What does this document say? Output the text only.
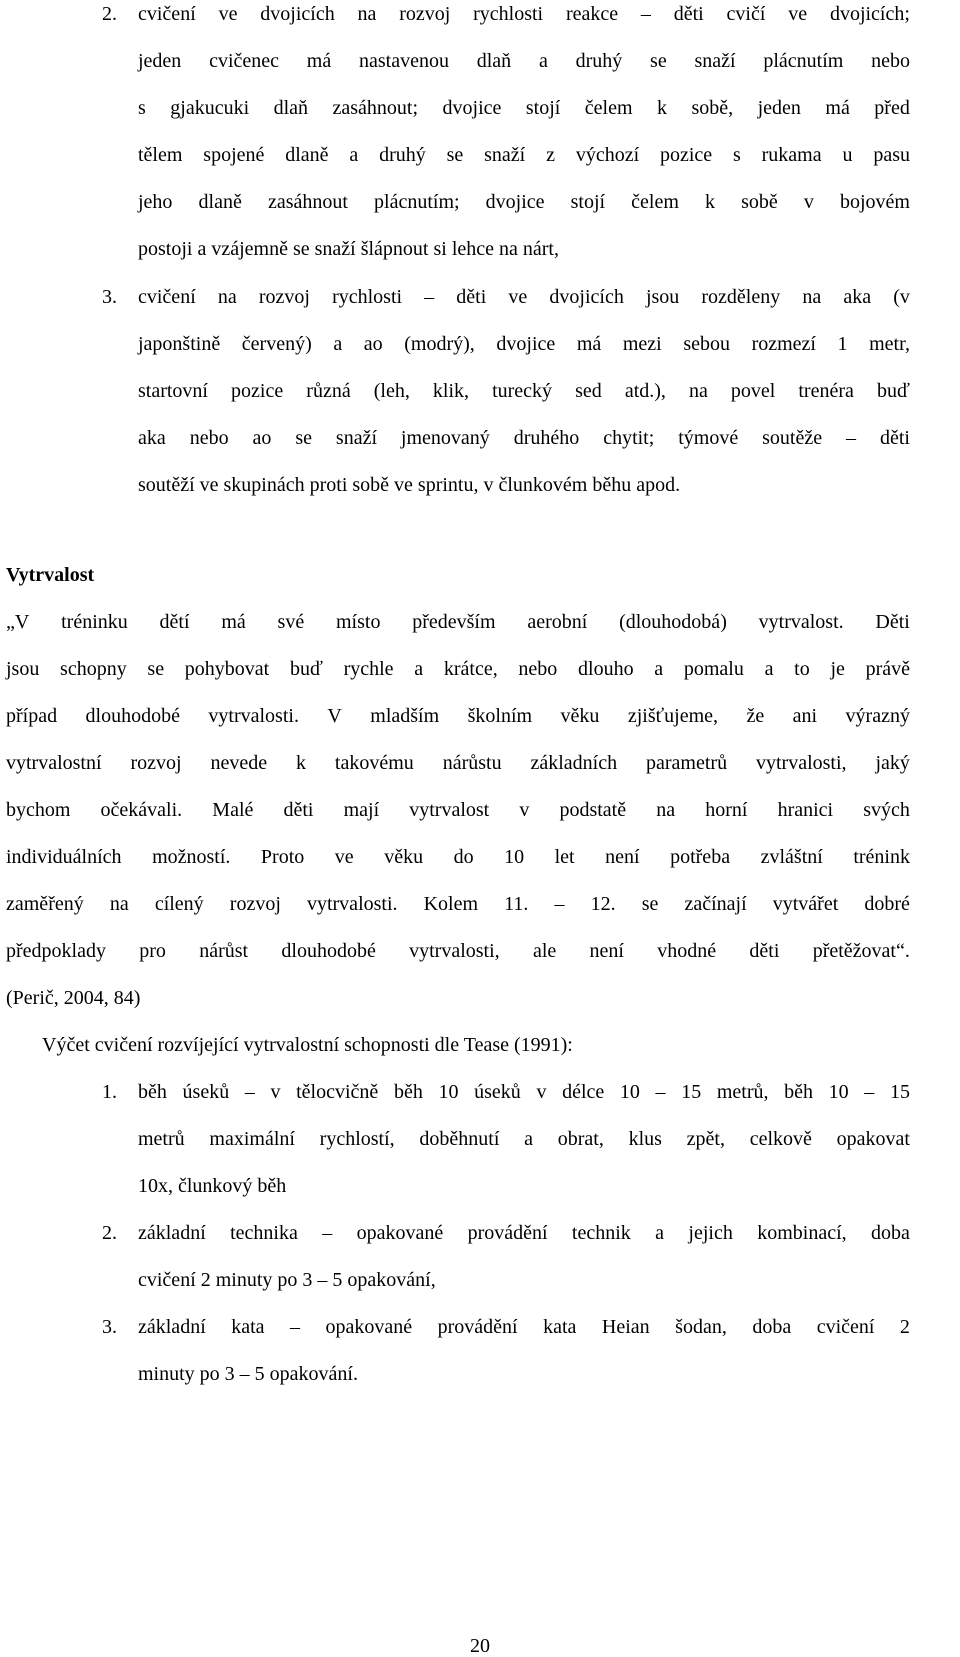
2. cvičení ve dvojicích na rozvoj rychlosti reakce – děti cvičí ve dvojicích;
jeden cvičenec má nastavenou dlaň a druhý se snaží plácnutím nebo
s gjakucuki dlaň zasáhnout; dvojice stojí čelem k sobě, jeden má před
tělem spojené dlaně a druhý se snaží z výchozí pozice s rukama u pasu
jeho dlaně zasáhnout plácnutím; dvojice stojí čelem k sobě v bojovém
postoji a vzájemně se snaží šlápnout si lehce na nárt,
3. cvičení na rozvoj rychlosti – děti ve dvojicích jsou rozděleny na aka (v
japonštině červený) a ao (modrý), dvojice má mezi sebou rozmezí 1 metr,
startovní pozice různá (leh, klik, turecký sed atd.), na povel trenéra buď
aka nebo ao se snaží jmenovaný druhého chytit; týmové soutěže – děti
soutěží ve skupinách proti sobě ve sprintu, v člunkovém běhu apod.
Vytrvalost
„V tréninku dětí má své místo především aerobní (dlouhodobá) vytrvalost. Děti
jsou schopny se pohybovat buď rychle a krátce, nebo dlouho a pomalu a to je právě
případ dlouhodobé vytrvalosti. V mladším školním věku zjišťujeme, že ani výrazný
vytrvalostní rozvoj nevede k takovému nárůstu základních parametrů vytrvalosti, jaký
bychom očekávali. Malé děti mají vytrvalost v podstatě na horní hranici svých
individuálních možností. Proto ve věku do 10 let není potřeba zvláštní trénink
zaměřený na cílený rozvoj vytrvalosti. Kolem 11. – 12. se začínají vytvářet dobré
předpoklady pro nárůst dlouhodobé vytrvalosti, ale není vhodné děti přetěžovat“.
(Perič, 2004, 84)
Výčet cvičení rozvíjející vytrvalostní schopnosti dle Tease (1991):
1. běh úseků – v tělocvičně běh 10 úseků v délce 10 – 15 metrů, běh 10 – 15
metrů maximální rychlostí, doběhnutí a obrat, klus zpět, celkově opakovat
10x, člunkový běh
2. základní technika – opakované provádění technik a jejich kombinací, doba
cvičení 2 minuty po 3 – 5 opakování,
3. základní kata – opakované provádění kata Heian šodan, doba cvičení 2
minuty po 3 – 5 opakování.
20
